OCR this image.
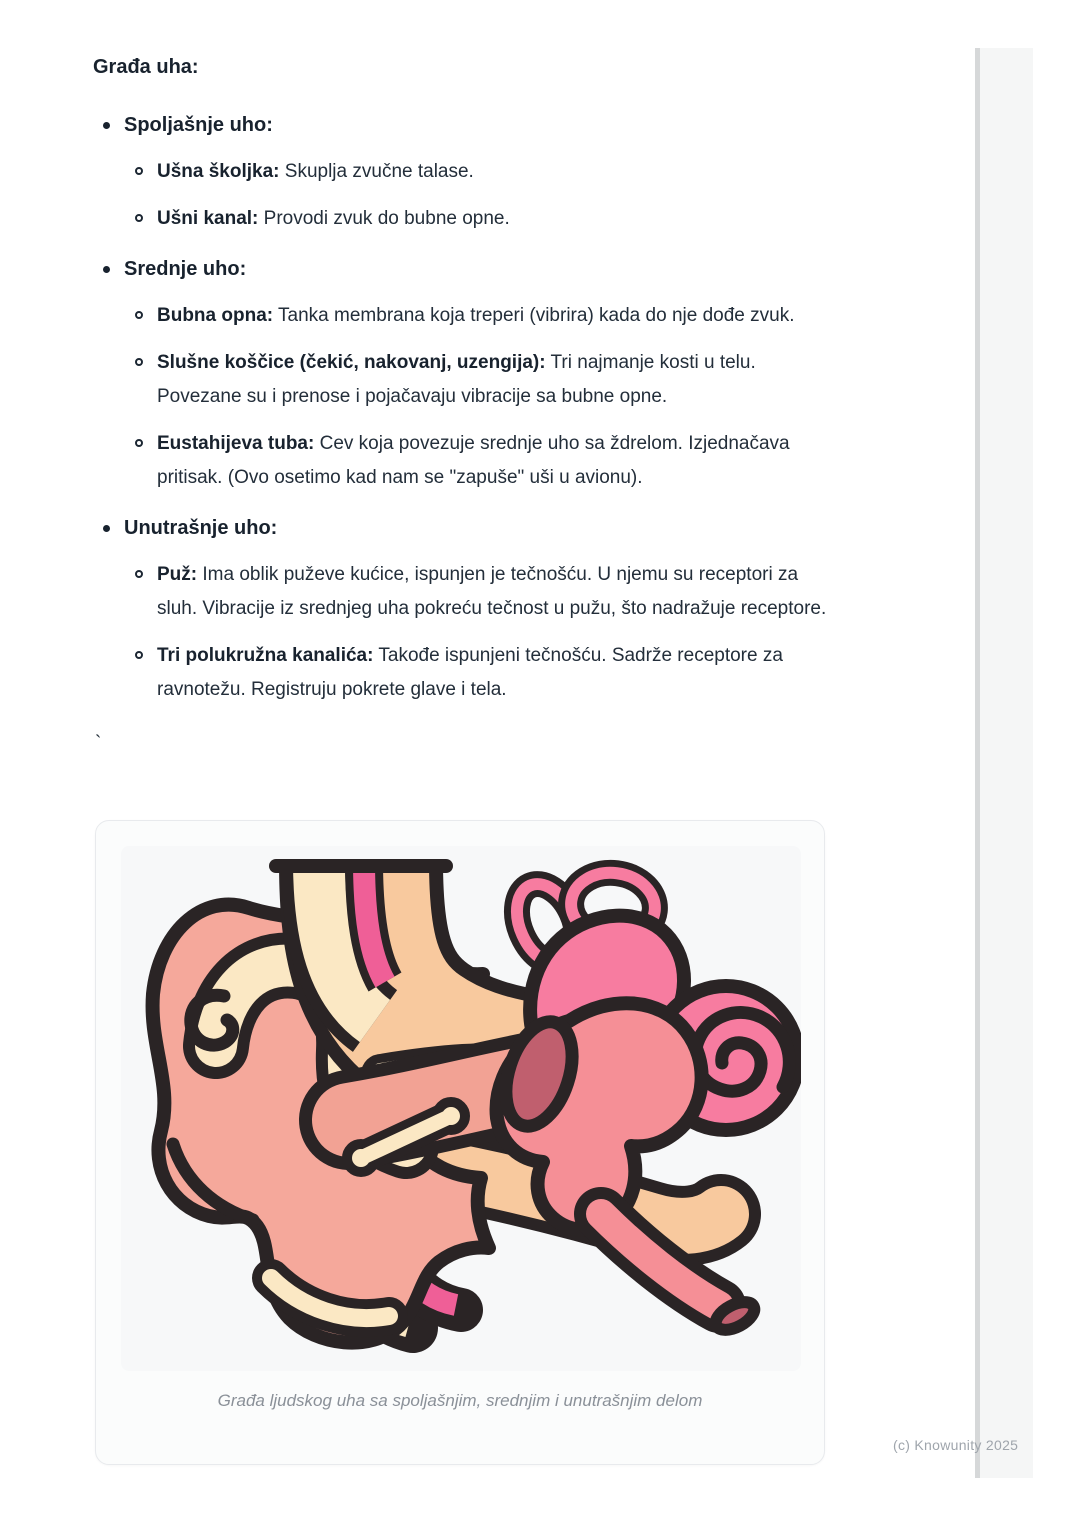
Građa uha:
Spoljašnje uho:
Ušna školjka: Skuplja zvučne talase.
Ušni kanal: Provodi zvuk do bubne opne.
Srednje uho:
Bubna opna: Tanka membrana koja treperi (vibrira) kada do nje dođe zvuk.
Slušne koščice (čekić, nakovanj, uzengija): Tri najmanje kosti u telu. Povezane su i prenose i pojačavaju vibracije sa bubne opne.
Eustahijeva tuba: Cev koja povezuje srednje uho sa ždrelom. Izjednačava pritisak. (Ovo osetimo kad nam se "zapuše" uši u avionu).
Unutrašnje uho:
Puž: Ima oblik puževe kućice, ispunjen je tečnošću. U njemu su receptori za sluh. Vibracije iz srednjeg uha pokreću tečnost u pužu, što nadražuje receptore.
Tri polukružna kanalića: Takođe ispunjeni tečnošću. Sadrže receptore za ravnotežu. Registruju pokrete glave i tela.
`
Građa ljudskog uha sa spoljašnjim, srednjim i unutrašnjim delom
(c) Knowunity 2025
